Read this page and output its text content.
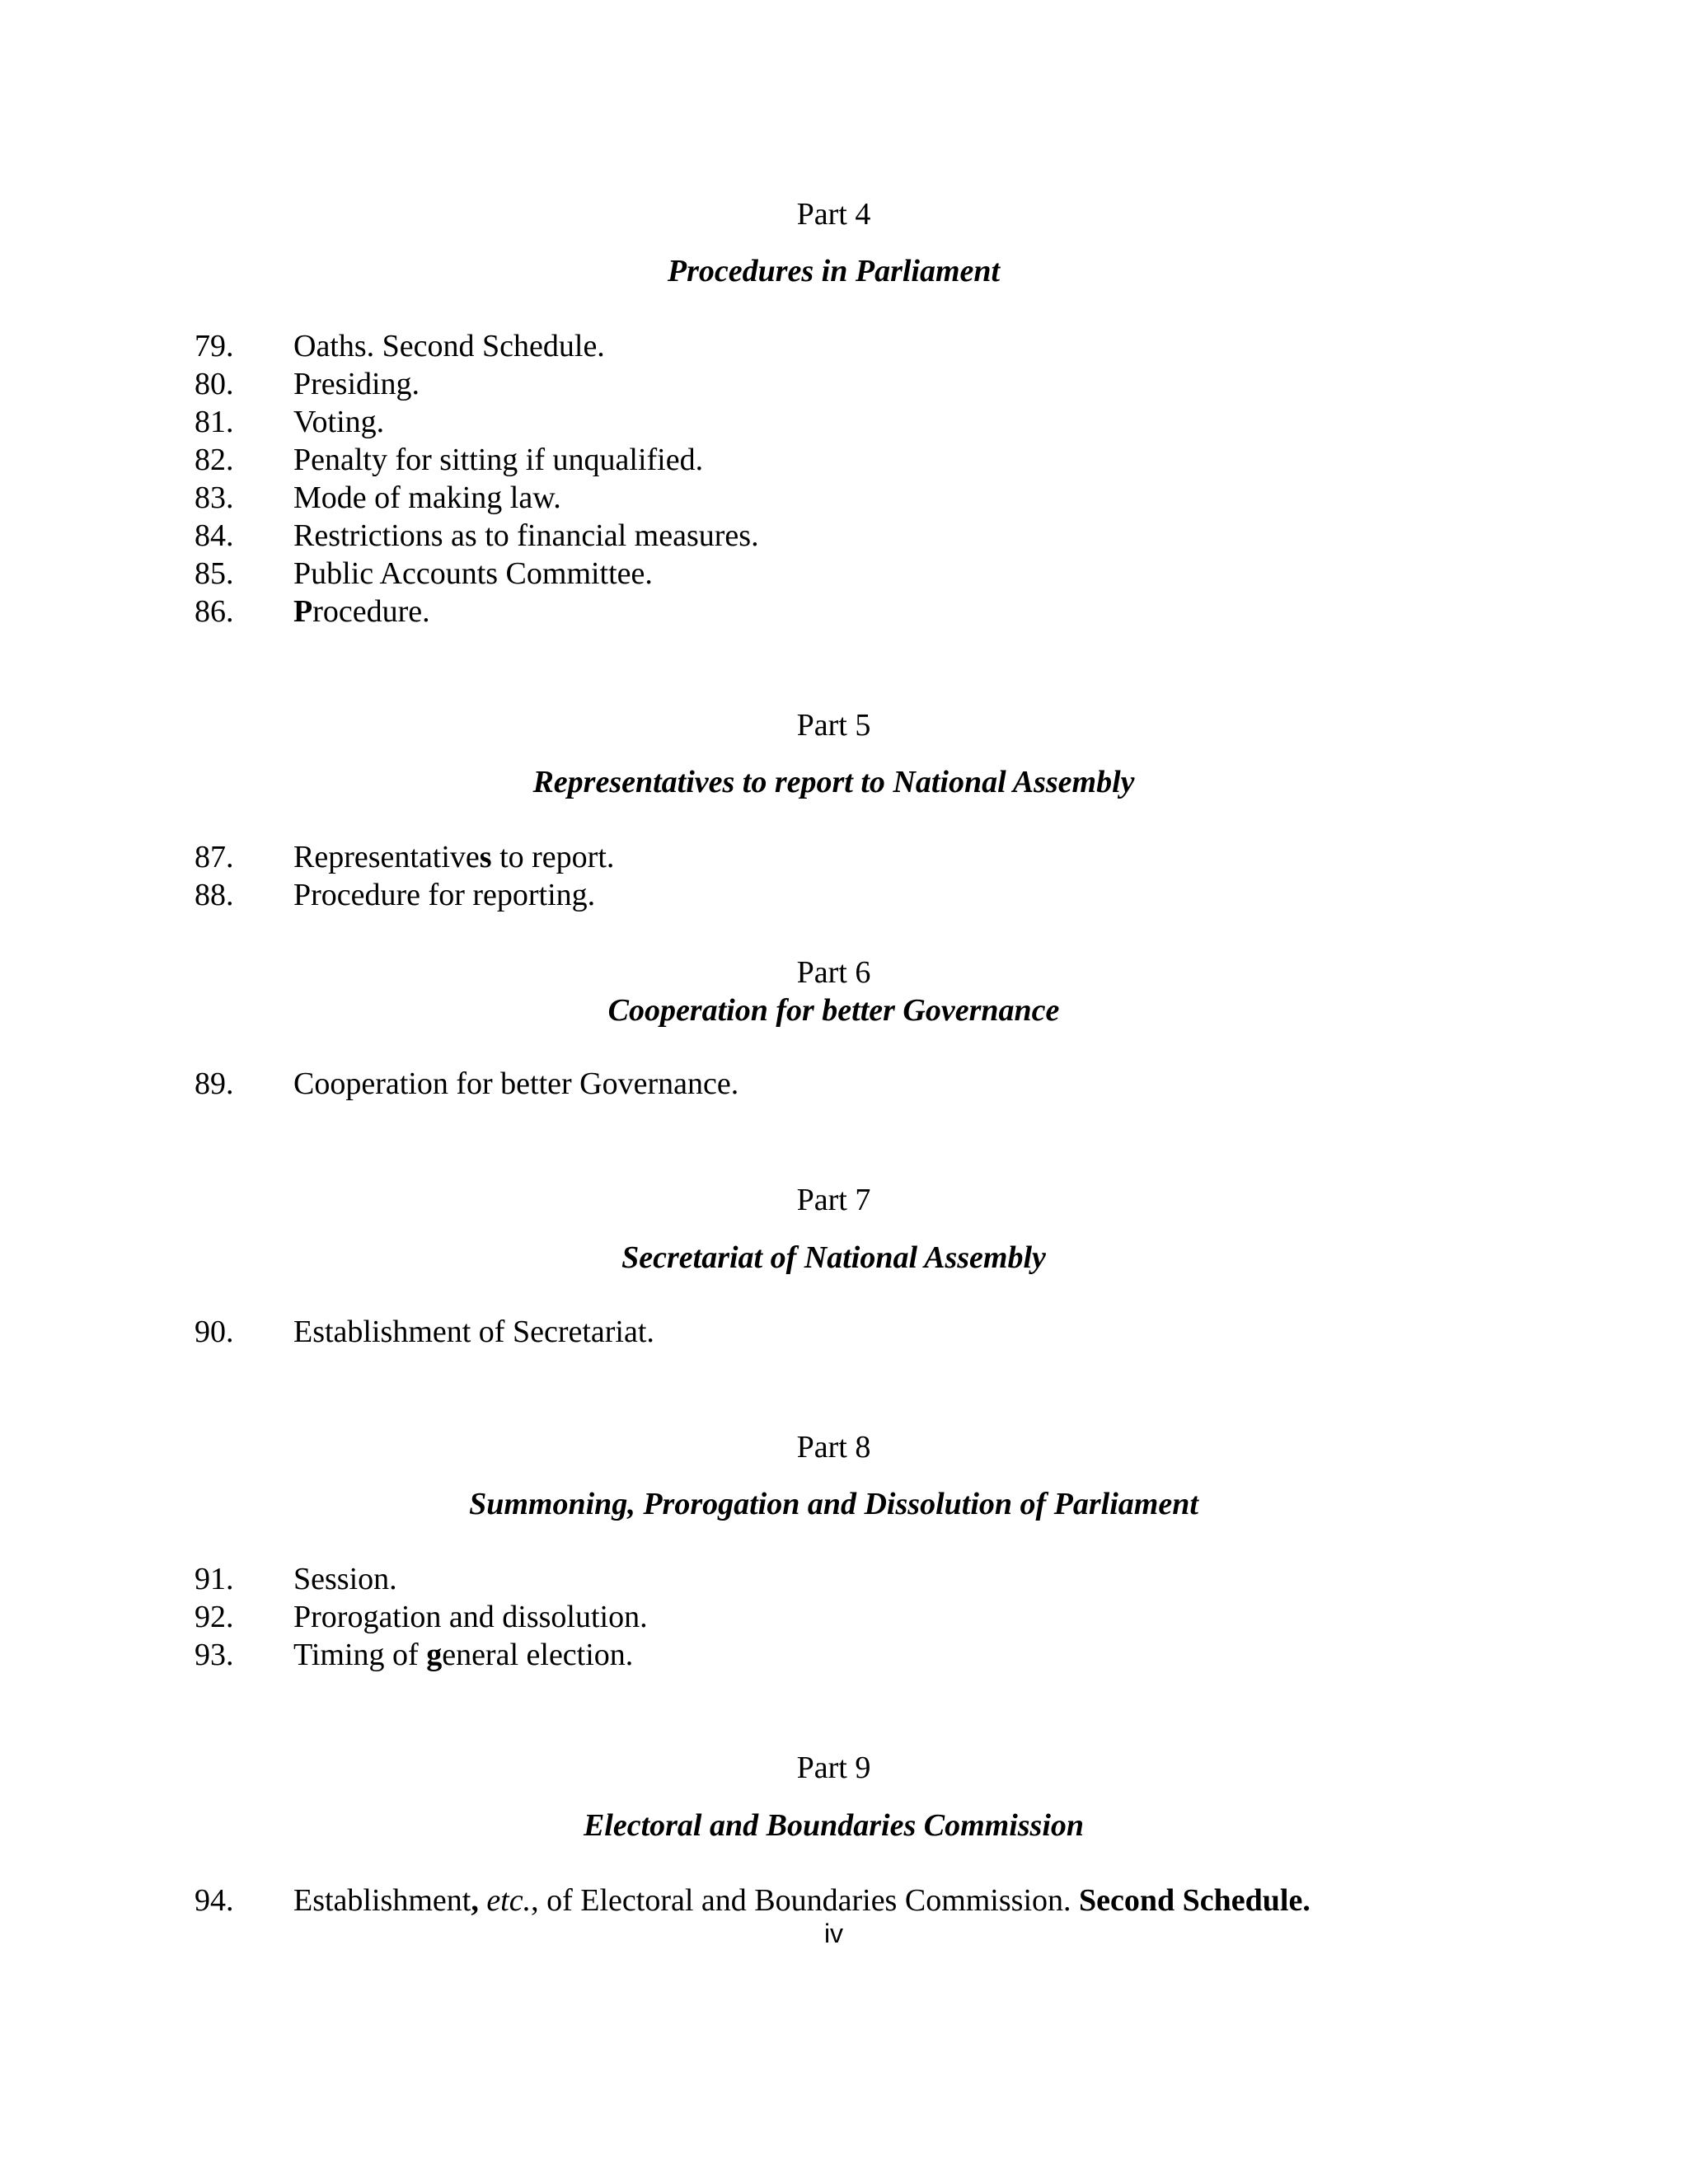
Part 4
Procedures in Parliament
79. Oaths. Second Schedule.
80. Presiding.
81. Voting.
82. Penalty for sitting if unqualified.
83. Mode of making law.
84. Restrictions as to financial measures.
85. Public Accounts Committee.
86. Procedure.
Part 5
Representatives to report to National Assembly
87. Representatives to report.
88. Procedure for reporting.
Part 6
Cooperation for better Governance
89. Cooperation for better Governance.
Part 7
Secretariat of National Assembly
90. Establishment of Secretariat.
Part 8
Summoning, Prorogation and Dissolution of Parliament
91. Session.
92. Prorogation and dissolution.
93. Timing of general election.
Part 9
Electoral and Boundaries Commission
94. Establishment, etc., of Electoral and Boundaries Commission. Second Schedule.
iv
